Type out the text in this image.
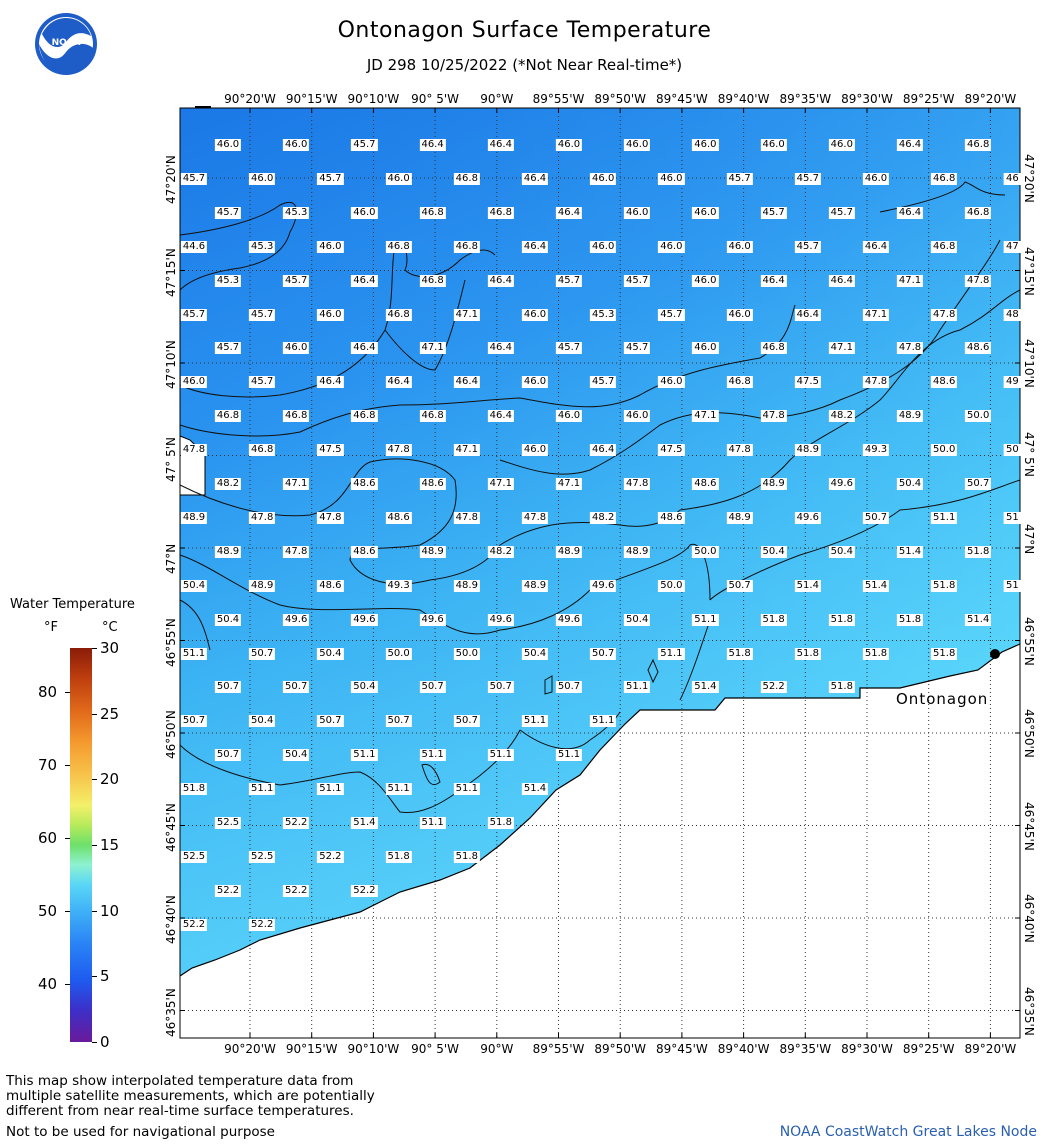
NOAA	Ontonagon Surface Temperature
JD 298 10/25/2022 (*Not Near Real-time*)
46.0	46.0	45.7	46.4	46.4	46.0	46.0	46.0	46.0	46.0	46.4	46.8
45.7	46.0	45.7	46.0	46.8	46.4	46.0	46.0	45.7	45.7	46.0	46.8	46
45.7	45.3	46.0	46.8	46.8	46.4	46.0	46.0	45.7	45.7	46.4	46.8
44.6	45.3	46.0	46.8	46.8	46.4	46.0	46.0	46.0	45.7	46.4	46.8	47
45.3	45.7	46.4	46.8	46.4	45.7	45.7	46.0	46.4	46.4	47.1	47.8
45.7	45.7	46.0	46.8	47.1	46.0	45.3	45.7	46.0	46.4	47.1	47.8	48
45.7	46.0	46.4	47.1	46.4	45.7	45.7	46.0	46.8	47.1	47.8	48.6
46.0	45.7	46.4	46.4	46.4	46.0	45.7	46.0	46.8	47.5	47.8	48.6	49
46.8	46.8	46.8	46.8	46.4	46.0	46.0	47.1	47.8	48.2	48.9	50.0
47.8	46.8	47.5	47.8	47.1	46.0	46.4	47.5	47.8	48.9	49.3	50.0	50
48.2	47.1	48.6	48.6	47.1	47.1	47.8	48.6	48.9	49.6	50.4	50.7
48.9	47.8	47.8	48.6	47.8	47.8	48.2	48.6	48.9	49.6	50.7	51.1	51
48.9	47.8	48.6	48.9	48.2	48.9	48.9	50.0	50.4	50.4	51.4	51.8
50.4	48.9	48.6	49.3	48.9	48.9	49.6	50.0	50.7	51.4	51.4	51.8	51
50.4	49.6	49.6	49.6	49.6	49.6	50.4	51.1	51.8	51.8	51.8	51.4
51.1	50.7	50.4	50.0	50.0	50.4	50.7	51.1	51.8	51.8	51.8	51.8
50.7	50.7	50.4	50.7	50.7	50.7	51.1	51.4	52.2	51.8
50.7	50.4	50.7	50.7	50.7	51.1	51.1
50.7	50.4	51.1	51.1	51.1	51.1
51.8	51.1	51.1	51.1	51.1	51.4
52.5	52.2	51.4	51.1	51.8
52.5	52.5	52.2	51.8	51.8
52.2	52.2	52.2
52.2	52.2
90°20'W
90°20'W
90°15'W
90°15'W
90°10'W
90°10'W
90° 5'W
90° 5'W
90°W
90°W
89°55'W
89°55'W
89°50'W
89°50'W
89°45'W
89°45'W
89°40'W
89°40'W
89°35'W
89°35'W
89°30'W
89°30'W
89°25'W
89°25'W
89°20'W
89°20'W
47°20'N	47°20'N
47°15'N	47°15'N
47°10'N	47°10'N
47° 5'N	47° 5'N
47°N
47°N
46°55'N	46°55'N
46°50'N	46°50'N
46°45'N	46°45'N
46°40'N	46°40'N
46°35'N	46°35'N
Ontonagon
Water Temperature
°F	°C
30
25
20
15
10
5
0
80
70
60
50
40
This map show interpolated temperature data from
multiple satellite measurements, which are potentially
different from near real-time surface temperatures.
Not to be used for navigational purpose	NOAA CoastWatch Great Lakes Node
